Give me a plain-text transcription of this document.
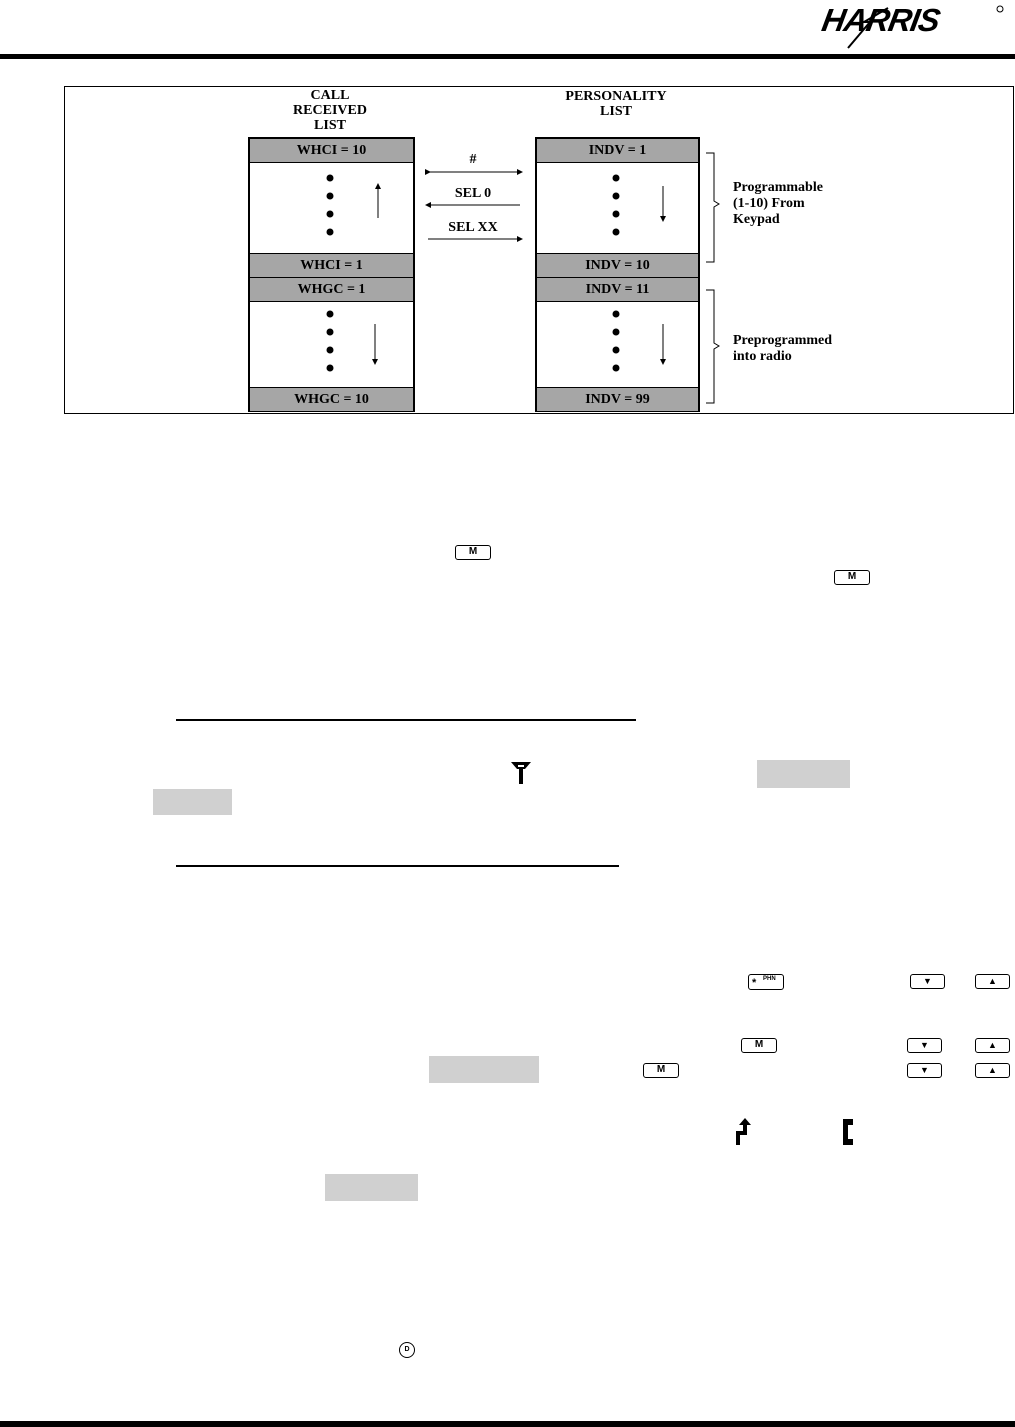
HARRIS
CALL
RECEIVED
LIST
PERSONALITY
LIST
WHCI = 10
WHCI = 1
WHGC = 1
WHGC = 10
INDV = 1
INDV = 10
INDV = 11
INDV = 99
#
SEL 0
SEL XX
Programmable
(1-10) From
Keypad
Preprogrammed
into radio
M
M
* PHN	▼	▲
M	▼	▲
M	▼	▲
D
